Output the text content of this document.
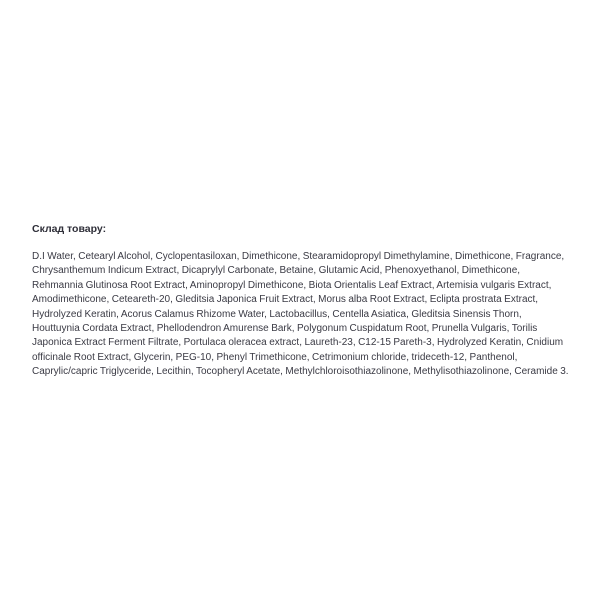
Склад товару:

D.I Water, Cetearyl Alcohol, Cyclopentasiloxan, Dimethicone, Stearamidopropyl Dimethylamine, Dimethicone, Fragrance, Chrysanthemum Indicum Extract, Dicaprylyl Carbonate, Betaine, Glutamic Acid, Phenoxyethanol, Dimethicone, Rehmannia Glutinosa Root Extract, Aminopropyl Dimethicone, Biota Orientalis Leaf Extract, Artemisia vulgaris Extract, Amodimethicone, Ceteareth-20, Gleditsia Japonica Fruit Extract, Morus alba Root Extract, Eclipta prostrata Extract, Hydrolyzed Keratin, Acorus Calamus Rhizome Water, Lactobacillus, Centella Asiatica, Gleditsia Sinensis Thorn, Houttuynia Cordata Extract, Phellodendron Amurense Bark, Polygonum Cuspidatum Root, Prunella Vulgaris, Torilis Japonica Extract Ferment Filtrate, Portulaca oleracea extract, Laureth-23, C12-15 Pareth-3, Hydrolyzed Keratin, Cnidium officinale Root Extract, Glycerin, PEG-10, Phenyl Trimethicone, Cetrimonium chloride, trideceth-12, Panthenol, Caprylic/capric Triglyceride, Lecithin, Tocopheryl Acetate, Methylchloroisothiazolinone, Methylisothiazolinone, Ceramide 3.
